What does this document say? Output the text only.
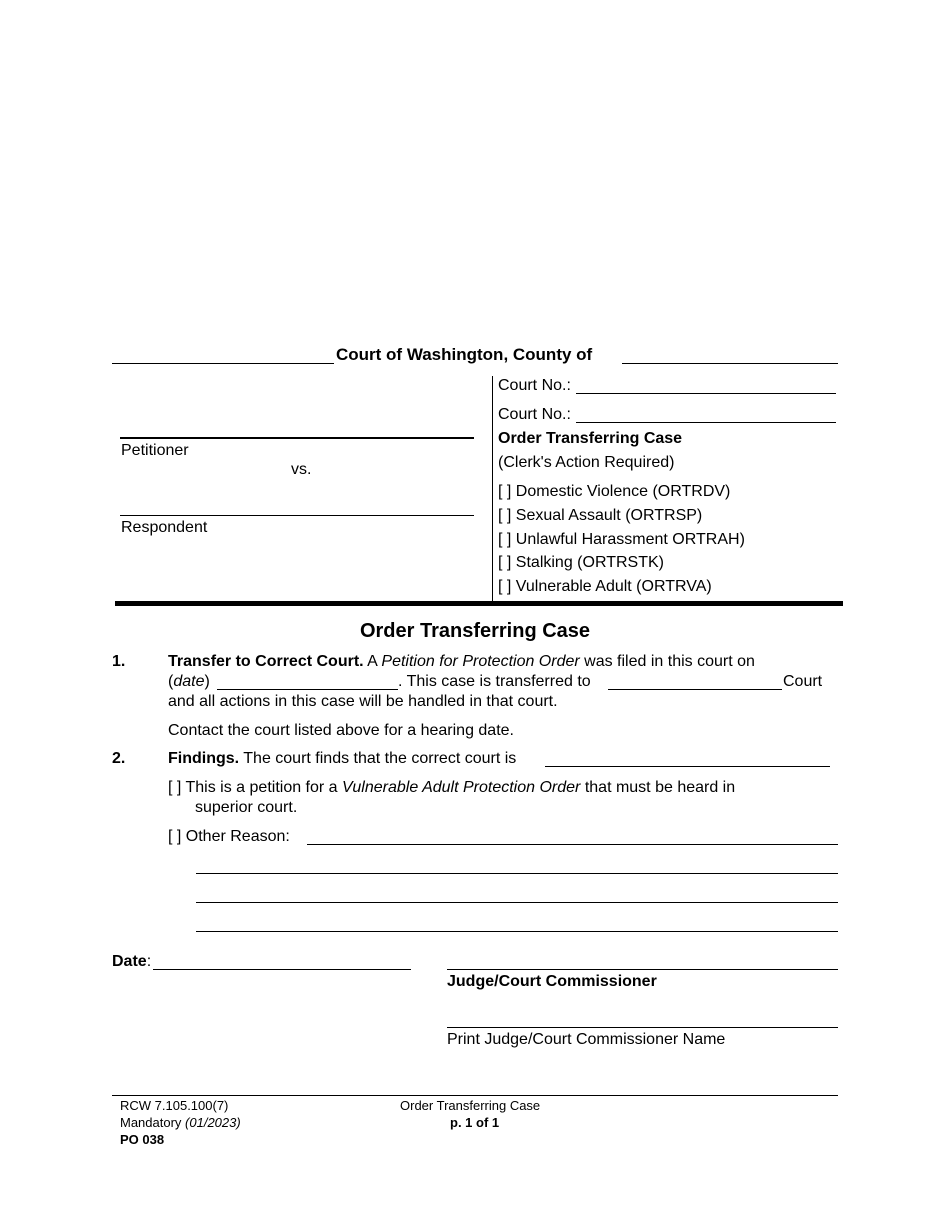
Court of Washington, County of
Petitioner
vs.
Respondent
Court No.:
Court No.:
Order Transferring Case
(Clerk's Action Required)
[ ] Domestic Violence (ORTRDV)
[ ] Sexual Assault (ORTRSP)
[ ] Unlawful Harassment ORTRAH)
[ ] Stalking (ORTRSTK)
[ ] Vulnerable Adult (ORTRVA)
Order Transferring Case
1.	Transfer to Correct Court. A Petition for Protection Order was filed in this court on
(date)	. This case is transferred to	Court
and all actions in this case will be handled in that court.
Contact the court listed above for a hearing date.
2.	Findings. The court finds that the correct court is
[ ] This is a petition for a Vulnerable Adult Protection Order that must be heard in
superior court.
[ ] Other Reason:
Date:
Judge/Court Commissioner
Print Judge/Court Commissioner Name
RCW 7.105.100(7)
Mandatory (01/2023)
PO 038
Order Transferring Case
p. 1 of 1
